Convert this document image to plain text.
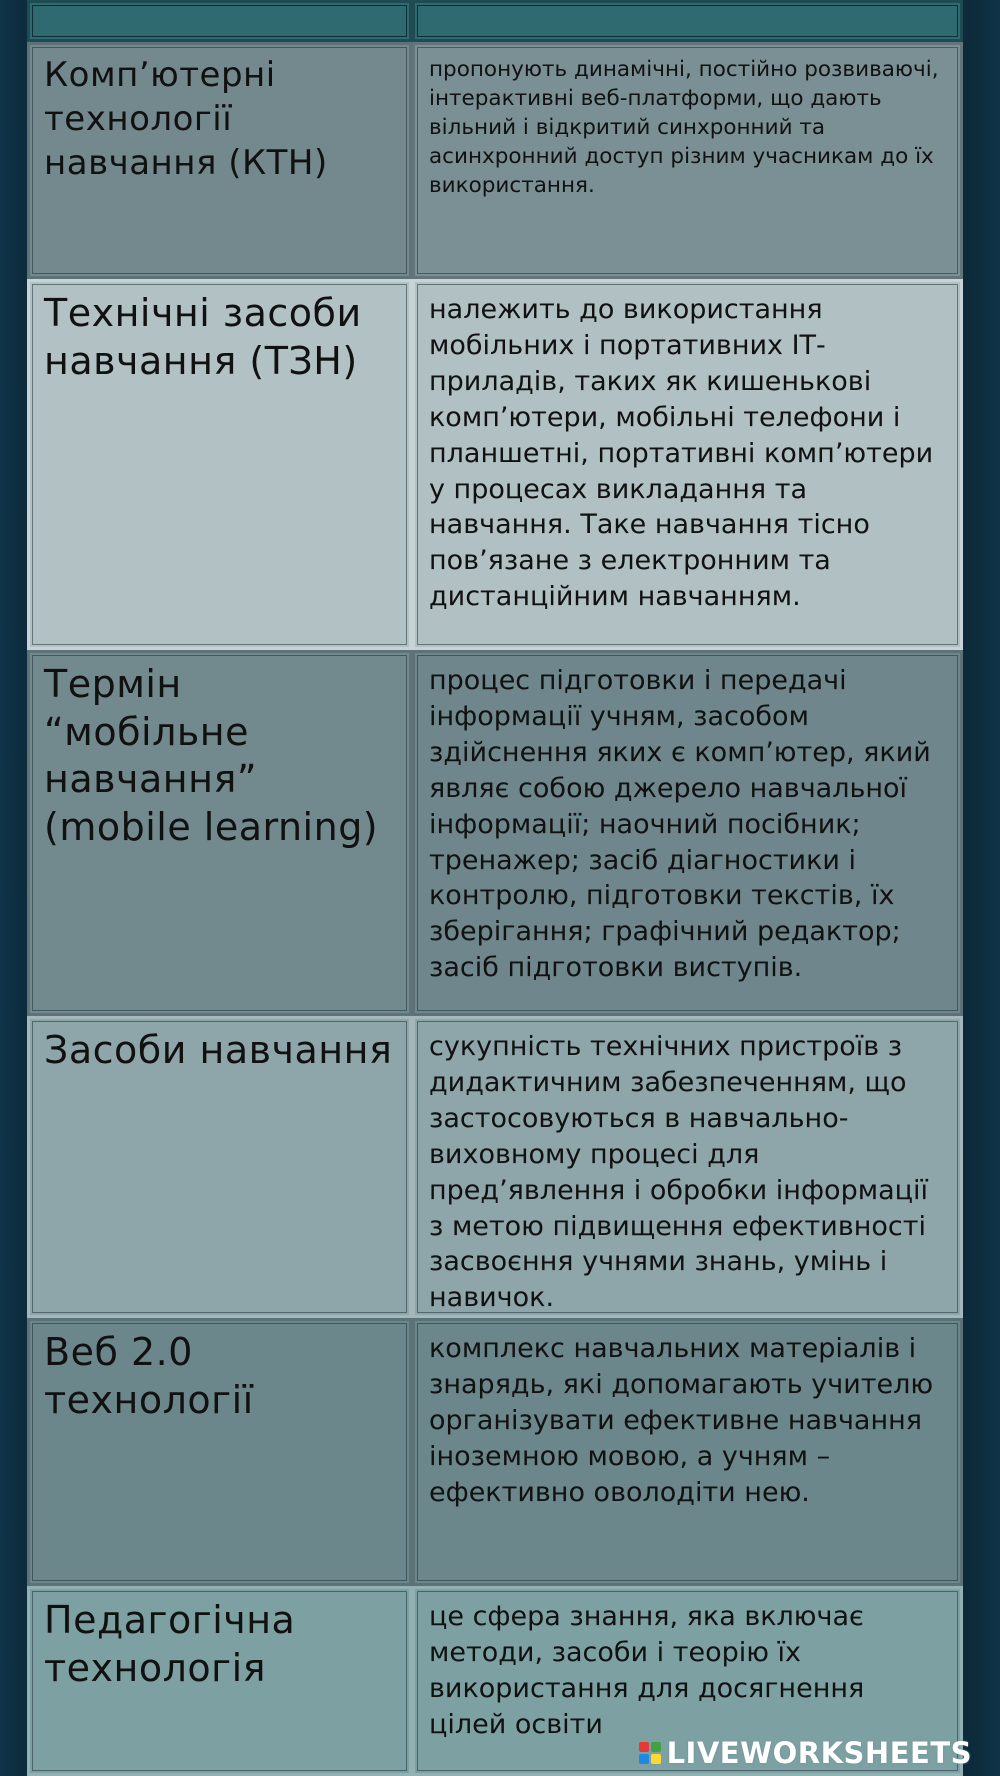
Комп’ютерні технології навчання (КТН)
пропонують динамічні, постійно розвиваючі, інтерактивні веб-платформи, що дають вільний і відкритий синхронний та асинхронний доступ різним учасникам до їх використання.
Технічні засоби навчання (ТЗН)
належить до використання мобільних і портативних ІТ-приладів, таких як кишенькові комп’ютери, мобільні телефони і планшетні, портативні комп’ютери у процесах викладання та навчання. Таке навчання тісно пов’язане з електронним та дистанційним навчанням.
Термін “мобільне навчання” (mobile learning)
процес підготовки і передачі інформації учням, засобом здійснення яких є комп’ютер, який являє собою джерело навчальної інформації; наочний посібник; тренажер; засіб діагностики і контролю, підготовки текстів, їх зберігання; графічний редактор; засіб підготовки виступів.
Засоби навчання	сукупність технічних пристроїв з дидактичним забезпеченням, що застосовуються в навчально-виховному процесі для пред’явлення і обробки інформації з метою підвищення ефективності засвоєння учнями знань, умінь і навичок.
Веб 2.0 технології
комплекс навчальних матеріалів і знарядь, які допомагають учителю організувати ефективне навчання іноземною мовою, а учням – ефективно оволодіти нею.
Педагогічна технологія
це сфера знання, яка включає методи, засоби і теорію їх використання для досягнення цілей освіти
LIVEWORKSHEETS
